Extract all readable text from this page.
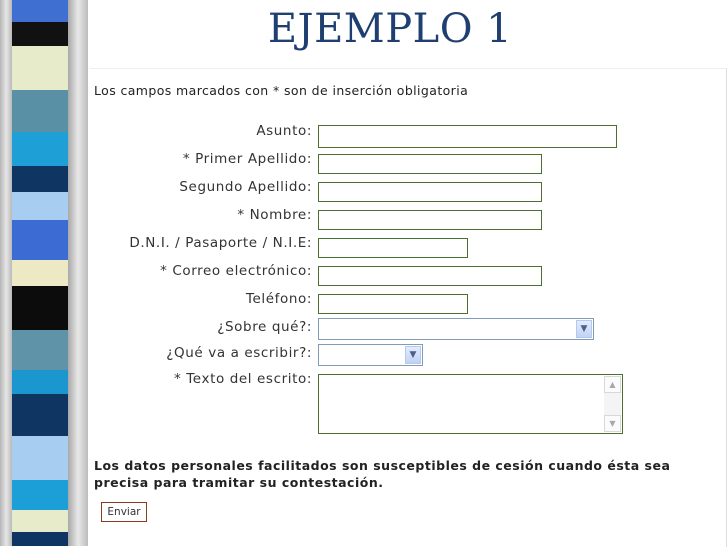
EJEMPLO 1
Los campos marcados con * son de inserción obligatoria
Asunto:
* Primer Apellido:
Segundo Apellido:
* Nombre:
D.N.I. / Pasaporte / N.I.E:
* Correo electrónico:
Teléfono:
¿Sobre qué?:	▼
¿Qué va a escribir?:	▼
* Texto del escrito:	▲
▼
Los datos personales facilitados son susceptibles de cesión cuando ésta sea precisa para tramitar su contestación.
Enviar
